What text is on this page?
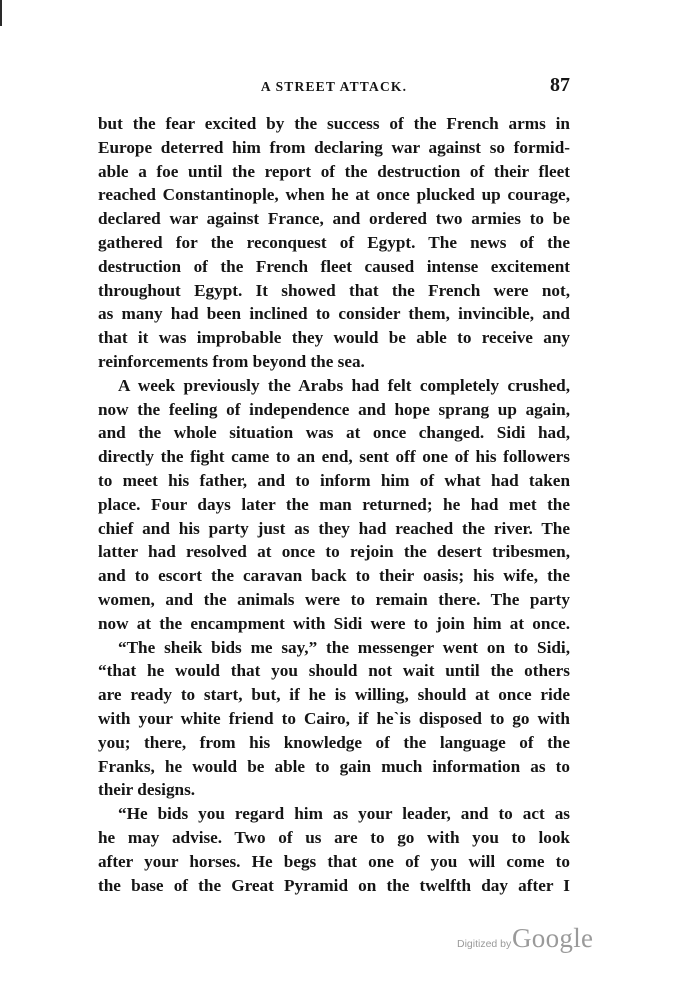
A STREET ATTACK.	87
but the fear excited by the success of the French arms in
Europe deterred him from declaring war against so formid-
able a foe until the report of the destruction of their fleet
reached Constantinople, when he at once plucked up courage,
declared war against France, and ordered two armies to be
gathered for the reconquest of Egypt. The news of the
destruction of the French fleet caused intense excitement
throughout Egypt. It showed that the French were not,
as many had been inclined to consider them, invincible, and
that it was improbable they would be able to receive any
reinforcements from beyond the sea.
A week previously the Arabs had felt completely crushed,
now the feeling of independence and hope sprang up again,
and the whole situation was at once changed. Sidi had,
directly the fight came to an end, sent off one of his followers
to meet his father, and to inform him of what had taken
place. Four days later the man returned; he had met the
chief and his party just as they had reached the river. The
latter had resolved at once to rejoin the desert tribesmen,
and to escort the caravan back to their oasis; his wife, the
women, and the animals were to remain there. The party
now at the encampment with Sidi were to join him at once.
“The sheik bids me say,” the messenger went on to Sidi,
“that he would that you should not wait until the others
are ready to start, but, if he is willing, should at once ride
with your white friend to Cairo, if he`is disposed to go with
you; there, from his knowledge of the language of the
Franks, he would be able to gain much information as to
their designs.
“He bids you regard him as your leader, and to act as
he may advise. Two of us are to go with you to look
after your horses. He begs that one of you will come to
the base of the Great Pyramid on the twelfth day after I
Digitized by Google
